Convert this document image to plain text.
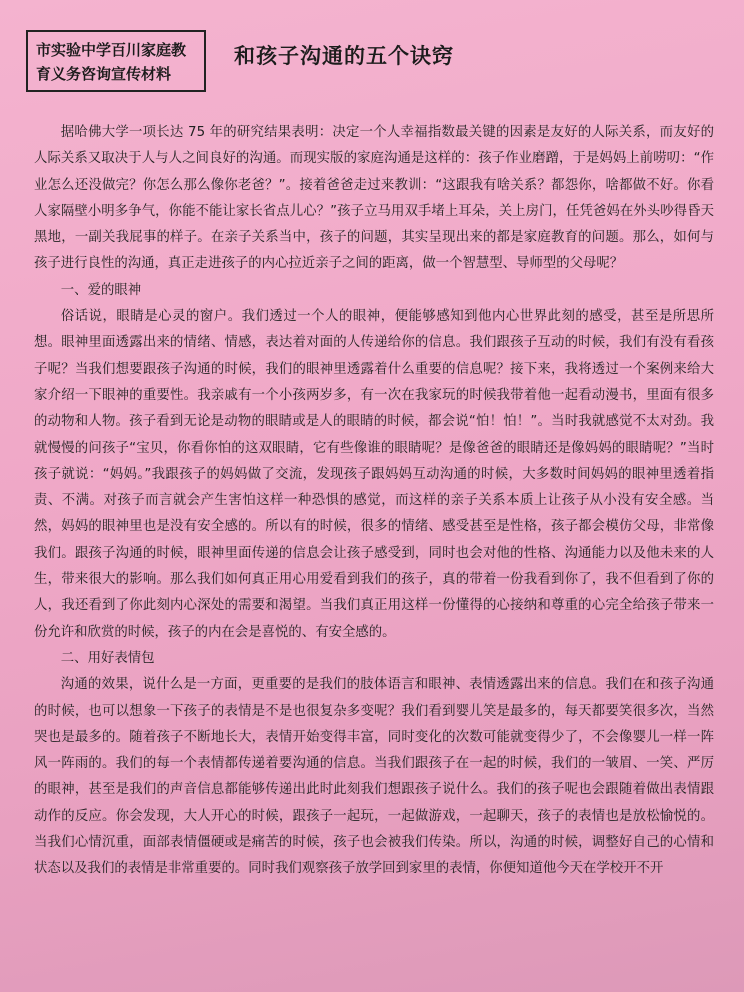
市实验中学百川家庭教
育义务咨询宣传材料
和孩子沟通的五个诀窍

据哈佛大学一项长达 75 年的研究结果表明：决定一个人幸福指数最关键的因素是友好的人际关系，而友好的人际关系又取决于人与人之间良好的沟通。而现实版的家庭沟通是这样的：孩子作业磨蹭，于是妈妈上前唠叨：“作业怎么还没做完？你怎么那么像你老爸？”。接着爸爸走过来教训：“这跟我有啥关系？都怨你，啥都做不好。你看人家隔壁小明多争气，你能不能让家长省点儿心？”孩子立马用双手堵上耳朵，关上房门，任凭爸妈在外头吵得昏天黑地，一副关我屁事的样子。在亲子关系当中，孩子的问题，其实呈现出来的都是家庭教育的问题。那么，如何与孩子进行良性的沟通，真正走进孩子的内心拉近亲子之间的距离，做一个智慧型、导师型的父母呢？

一、爱的眼神

俗话说，眼睛是心灵的窗户。我们透过一个人的眼神，便能够感知到他内心世界此刻的感受，甚至是所思所想。眼神里面透露出来的情绪、情感，表达着对面的人传递给你的信息。我们跟孩子互动的时候，我们有没有看孩子呢？当我们想要跟孩子沟通的时候，我们的眼神里透露着什么重要的信息呢？接下来，我将透过一个案例来给大家介绍一下眼神的重要性。我亲戚有一个小孩两岁多，有一次在我家玩的时候我带着他一起看动漫书，里面有很多的动物和人物。孩子看到无论是动物的眼睛或是人的眼睛的时候，都会说“怕！怕！”。当时我就感觉不太对劲。我就慢慢的问孩子“宝贝，你看你怕的这双眼睛，它有些像谁的眼睛呢？是像爸爸的眼睛还是像妈妈的眼睛呢？”当时孩子就说：“妈妈。”我跟孩子的妈妈做了交流，发现孩子跟妈妈互动沟通的时候，大多数时间妈妈的眼神里透着指责、不满。对孩子而言就会产生害怕这样一种恐惧的感觉，而这样的亲子关系本质上让孩子从小没有安全感。当然，妈妈的眼神里也是没有安全感的。所以有的时候，很多的情绪、感受甚至是性格，孩子都会模仿父母，非常像我们。跟孩子沟通的时候，眼神里面传递的信息会让孩子感受到，同时也会对他的性格、沟通能力以及他未来的人生，带来很大的影响。那么我们如何真正用心用爱看到我们的孩子，真的带着一份我看到你了，我不但看到了你的人，我还看到了你此刻内心深处的需要和渴望。当我们真正用这样一份懂得的心接纳和尊重的心完全给孩子带来一份允许和欣赏的时候，孩子的内在会是喜悦的、有安全感的。

二、用好表情包

沟通的效果，说什么是一方面，更重要的是我们的肢体语言和眼神、表情透露出来的信息。我们在和孩子沟通的时候，也可以想象一下孩子的表情是不是也很复杂多变呢？我们看到婴儿笑是最多的，每天都要笑很多次，当然哭也是最多的。随着孩子不断地长大，表情开始变得丰富，同时变化的次数可能就变得少了，不会像婴儿一样一阵风一阵雨的。我们的每一个表情都传递着要沟通的信息。当我们跟孩子在一起的时候，我们的一皱眉、一笑、严厉的眼神，甚至是我们的声音信息都能够传递出此时此刻我们想跟孩子说什么。我们的孩子呢也会跟随着做出表情跟动作的反应。你会发现，大人开心的时候，跟孩子一起玩，一起做游戏，一起聊天，孩子的表情也是放松愉悦的。当我们心情沉重，面部表情僵硬或是痛苦的时候，孩子也会被我们传染。所以，沟通的时候，调整好自己的心情和状态以及我们的表情是非常重要的。同时我们观察孩子放学回到家里的表情，你便知道他今天在学校开不开
